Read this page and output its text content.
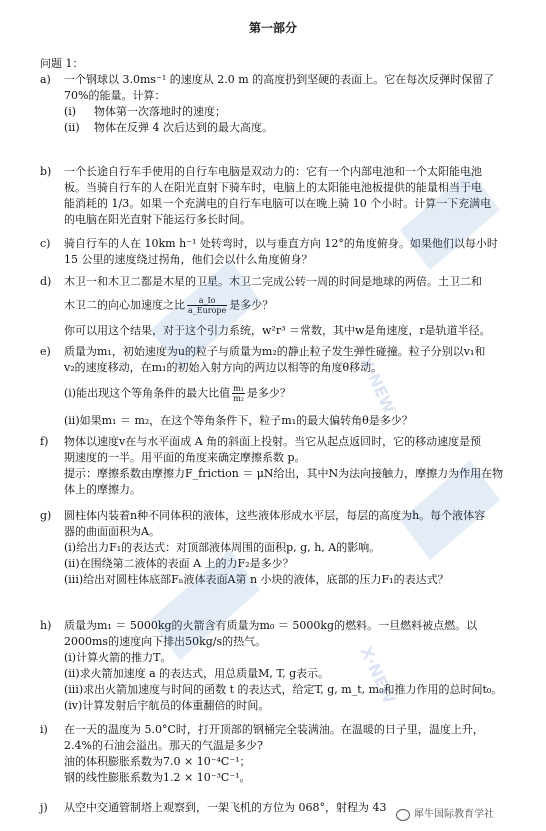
第一部分
问题 1：
a)	一个钢球以 3.0ms⁻¹ 的速度从 2.0 m 的高度扔到坚硬的表面上。它在每次反弹时保留了
70%的能量。计算：
(i) 物体第一次落地时的速度；
(ii) 物体在反弹 4 次后达到的最大高度。
b)	一个长途自行车手使用的自行车电脑是双动力的：它有一个内部电池和一个太阳能电池
板。当骑自行车的人在阳光直射下骑车时，电脑上的太阳能电池板提供的能量相当于电
能消耗的 1/3。如果一个充满电的自行车电脑可以在晚上骑 10 个小时。计算一下充满电
的电脑在阳光直射下能运行多长时间。
c)	骑自行车的人在 10km h⁻¹ 处转弯时，以与垂直方向 12°的角度俯身。如果他们以每小时
15 公里的速度绕过拐角，他们会以什么角度俯身？
d)	木卫一和木卫二都是木星的卫星。木卫二完成公转一周的时间是地球的两倍。土卫二和
木卫二的向心加速度之比 $\frac{a\_Io}{\text{a\_Europe}}$ 是多少？
你可以用这个结果，对于这个引力系统，w²r³ ＝常数，其中w是角速度，r是轨道半径。
e)	质量为m₁，初始速度为u的粒子与质量为m₂的静止粒子发生弹性碰撞。粒子分别以v₁和
v₂的速度移动，在m₁的初始入射方向的两边以相等的角度θ移动。
(i)能出现这个等角条件的最大比值 $\frac{\text{m₁}}{\text{m₂}}$ 是多少？
(ii)如果m₁ ＝ m₂，在这个等角条件下，粒子m₁的最大偏转角θ是多少？
f)	物体以速度v在与水平面成 A 角的斜面上投射。当它从起点返回时，它的移动速度是预
期速度的一半。用平面的角度来确定摩擦系数 p。
提示：摩擦系数由摩擦力F_friction ＝ μN给出，其中N为法向接触力，摩擦力为作用在物
体上的摩擦力。
g)	圆柱体内装着n种不同体积的液体，这些液体形成水平层，每层的高度为h。每个液体容
器的曲面面积为A。
(i)给出力F₁的表达式：对顶部液体周围的面积p, g, h, A的影响。
(ii)在围绕第二液体的表面 A 上的力F₂是多少？
(iii)给出对圆柱体底部Fₙ液体表面A第 n 小块的液体，底部的压力F₁的表达式？
h)	质量为m₁ ＝ 5000kg的火箭含有质量为m₀ ＝ 5000kg的燃料。一旦燃料被点燃。以
2000ms的速度向下排出50kg/s的热气。
(i)计算火箭的推力T。
(ii)求火箭加速度 a 的表达式，用总质量M, T, g表示。
(iii)求出火箭加速度与时间的函数 t 的表达式，给定T, g, m_t, m₀和推力作用的总时间t₀。
(iv)计算发射后宇航员的体重翻倍的时间。
i)	在一天的温度为 5.0°C时，打开顶部的钢桶完全装满油。在温暖的日子里，温度上升，
2.4%的石油会溢出。那天的气温是多少?
油的体积膨胀系数为7.0 × 10⁻⁴C⁻¹；
钢的线性膨胀系数为1.2 × 10⁻³C⁻¹。
j)	从空中交通管制塔上观察到，一架飞机的方位为 068°，射程为 43
X·NEW
X·NEW
犀牛国际教育学社
